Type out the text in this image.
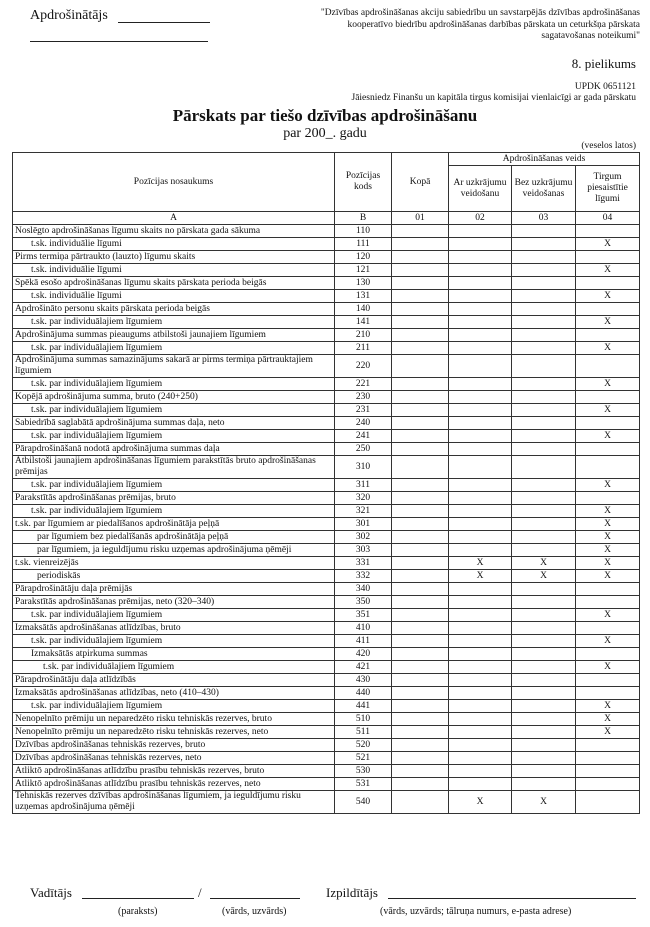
Apdrošinātājs	"Dzīvības apdrošināšanas akciju sabiedrību un savstarpējās dzīvības apdrošināšanas kooperatīvo biedrību apdrošināšanas darbības pārskata un ceturkšņa pārskata sagatavošanas noteikumi"
8. pielikums
UPDK 0651121
Jāiesniedz Finanšu un kapitāla tirgus komisijai vienlaicīgi ar gada pārskatu
Pārskats par tiešo dzīvības apdrošināšanu
par 200_. gadu
(veselos latos)
Pozīcijas nosaukums	Pozīcijas kods	Kopā	Apdrošināšanas veids		
			Ar uzkrājumu veidošanu	Bez uzkrājumu veidošanas	Tirgum piesaistītie līgumi
A	B	01	02	03	04
Noslēgto apdrošināšanas līgumu skaits no pārskata gada sākuma	110				
t.sk. individuālie līgumi	111				X
Pirms termiņa pārtraukto (lauzto) līgumu skaits	120				
t.sk. individuālie līgumi	121				X
Spēkā esošo apdrošināšanas līgumu skaits pārskata perioda beigās	130				
t.sk. individuālie līgumi	131				X
Apdrošināto personu skaits pārskata perioda beigās	140				
t.sk. par individuālajiem līgumiem	141				X
Apdrošinājuma summas pieaugums atbilstoši jaunajiem līgumiem	210				
t.sk. par individuālajiem līgumiem	211				X
Apdrošinājuma summas samazinājums sakarā ar pirms termiņa pārtrauktajiem līgumiem	220				
t.sk. par individuālajiem līgumiem	221				X
Kopējā apdrošinājuma summa, bruto (240+250)	230				
t.sk. par individuālajiem līgumiem	231				X
Sabiedrībā saglabātā apdrošinājuma summas daļa, neto	240				
t.sk. par individuālajiem līgumiem	241				X
Pārapdrošināšanā nodotā apdrošinājuma summas daļa	250				
Atbilstoši jaunajiem apdrošināšanas līgumiem parakstītās bruto apdrošināšanas prēmijas	310				
t.sk. par individuālajiem līgumiem	311				X
Parakstītās apdrošināšanas prēmijas, bruto	320				
t.sk. par individuālajiem līgumiem	321				X
t.sk. par līgumiem ar piedalīšanos apdrošinātāja peļņā	301				X
par līgumiem bez piedalīšanās apdrošinātāja peļņā	302				X
par līgumiem, ja ieguldījumu risku uzņemas apdrošinājuma ņēmēji	303				X
t.sk. vienreizējās	331		X	X	X
periodiskās	332		X	X	X
Pārapdrošinātāju daļa prēmijās	340				
Parakstītās apdrošināšanas prēmijas, neto (320–340)	350				
t.sk. par individuālajiem līgumiem	351				X
Izmaksātās apdrošināšanas atlīdzības, bruto	410				
t.sk. par individuālajiem līgumiem	411				X
Izmaksātās atpirkuma summas	420				
t.sk. par individuālajiem līgumiem	421				X
Pārapdrošinātāju daļa atlīdzībās	430				
Izmaksātās apdrošināšanas atlīdzības, neto (410–430)	440				
t.sk. par individuālajiem līgumiem	441				X
Nenopelnīto prēmiju un neparedzēto risku tehniskās rezerves, bruto	510				X
Nenopelnīto prēmiju un neparedzēto risku tehniskās rezerves, neto	511				X
Dzīvības apdrošināšanas tehniskās rezerves, bruto	520				
Dzīvības apdrošināšanas tehniskās rezerves, neto	521				
Atliktō apdrošināšanas atlīdzību prasību tehniskās rezerves, bruto	530				
Atliktō apdrošināšanas atlīdzību prasību tehniskās rezerves, neto	531				
Tehniskās rezerves dzīvības apdrošināšanas līgumiem, ja ieguldījumu risku uzņemas apdrošinājuma ņēmēji	540		X	X	
Vadītājs	/	Izpildītājs
(paraksts)	(vārds, uzvārds)	(vārds, uzvārds; tālruņa numurs, e-pasta adrese)
